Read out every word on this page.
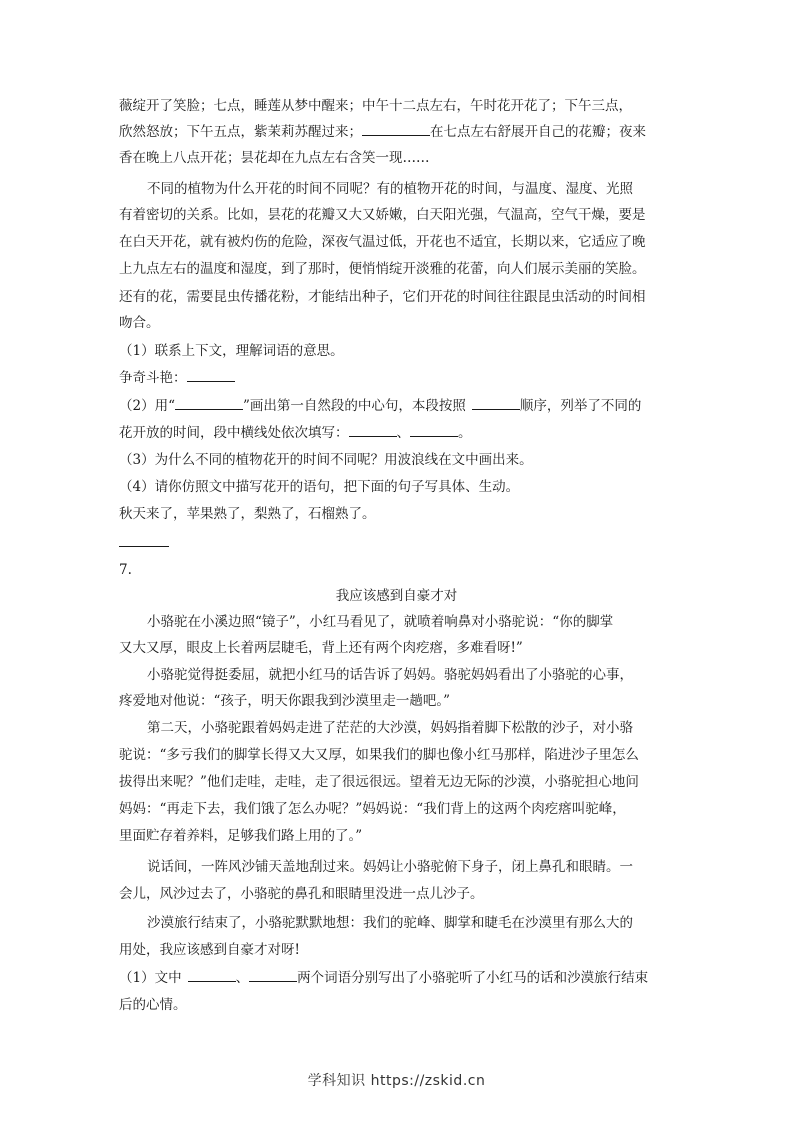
薇绽开了笑脸；七点，睡莲从梦中醒来；中午十二点左右，午时花开花了；下午三点，
欣然怒放；下午五点，紫茉莉苏醒过来；	在七点左右舒展开自己的花瓣；夜来
香在晚上八点开花；昙花却在九点左右含笑一现……
不同的植物为什么开花的时间不同呢？有的植物开花的时间，与温度、湿度、光照
有着密切的关系。比如，昙花的花瓣又大又娇嫩，白天阳光强，气温高，空气干燥，要是
在白天开花，就有被灼伤的危险，深夜气温过低，开花也不适宜，长期以来，它适应了晚
上九点左右的温度和湿度，到了那时，便悄悄绽开淡雅的花蕾，向人们展示美丽的笑脸。
还有的花，需要昆虫传播花粉，才能结出种子，它们开花的时间往往跟昆虫活动的时间相
吻合。
（1）联系上下文，理解词语的意思。
争奇斗艳：
（2）用“	”画出第一自然段的中心句，本段按照	顺序，列举了不同的
花开放的时间，段中横线处依次填写：	、	。
（3）为什么不同的植物花开的时间不同呢？用波浪线在文中画出来。
（4）请你仿照文中描写花开的语句，把下面的句子写具体、生动。
秋天来了，苹果熟了，梨熟了，石榴熟了。
7.
我应该感到自豪才对
小骆驼在小溪边照“镜子”，小红马看见了，就喷着响鼻对小骆驼说：“你的脚掌
又大又厚，眼皮上长着两层睫毛，背上还有两个肉疙瘩，多难看呀!”
小骆驼觉得挺委屈，就把小红马的话告诉了妈妈。骆驼妈妈看出了小骆驼的心事，
疼爱地对他说：“孩子，明天你跟我到沙漠里走一趟吧。”
第二天，小骆驼跟着妈妈走进了茫茫的大沙漠，妈妈指着脚下松散的沙子，对小骆
驼说：“多亏我们的脚掌长得又大又厚，如果我们的脚也像小红马那样，陷进沙子里怎么
拔得出来呢？”他们走哇，走哇，走了很远很远。望着无边无际的沙漠，小骆驼担心地问
妈妈：“再走下去，我们饿了怎么办呢？”妈妈说：“我们背上的这两个肉疙瘩叫驼峰，
里面贮存着养料，足够我们路上用的了。”
说话间，一阵风沙铺天盖地刮过来。妈妈让小骆驼俯下身子，闭上鼻孔和眼睛。一
会儿，风沙过去了，小骆驼的鼻孔和眼睛里没进一点儿沙子。
沙漠旅行结束了，小骆驼默默地想：我们的驼峰、脚掌和睫毛在沙漠里有那么大的
用处，我应该感到自豪才对呀!
（1）文中	、	两个词语分别写出了小骆驼听了小红马的话和沙漠旅行结束
后的心情。
学科知识 https://zskid.cn
